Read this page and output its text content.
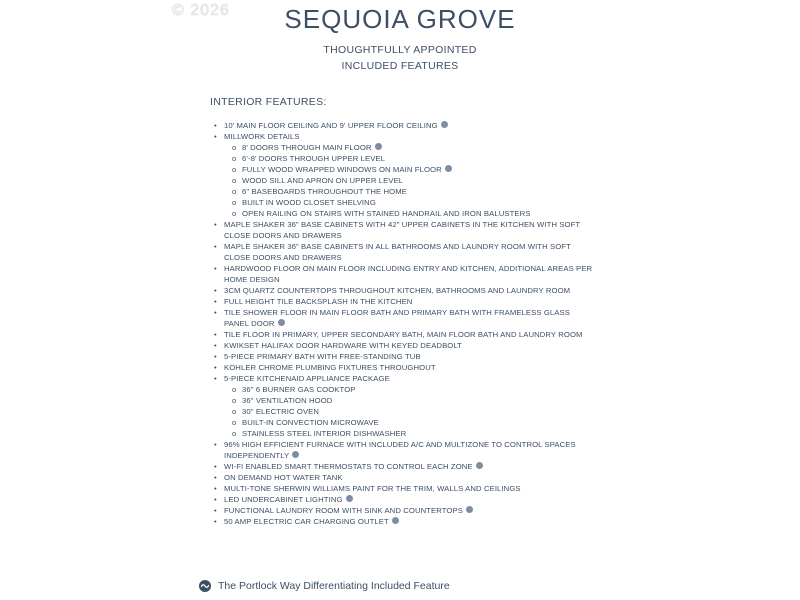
© 2026	SEQUOIA GROVE
THOUGHTFULLY APPOINTED
INCLUDED FEATURES
INTERIOR FEATURES:
• 10' MAIN FLOOR CEILING AND 9' UPPER FLOOR CEILING
• MILLWORK DETAILS
o 8' DOORS THROUGH MAIN FLOOR
o 6'-8' DOORS THROUGH UPPER LEVEL
o FULLY WOOD WRAPPED WINDOWS ON MAIN FLOOR
o WOOD SILL AND APRON ON UPPER LEVEL
o 6" BASEBOARDS THROUGHOUT THE HOME
o BUILT IN WOOD CLOSET SHELVING
o OPEN RAILING ON STAIRS WITH STAINED HANDRAIL AND IRON BALUSTERS
• MAPLE SHAKER 36" BASE CABINETS WITH 42" UPPER CABINETS IN THE KITCHEN WITH SOFT CLOSE DOORS AND DRAWERS
• MAPLE SHAKER 36" BASE CABINETS IN ALL BATHROOMS AND LAUNDRY ROOM WITH SOFT CLOSE DOORS AND DRAWERS
• HARDWOOD FLOOR ON MAIN FLOOR INCLUDING ENTRY AND KITCHEN, ADDITIONAL AREAS PER HOME DESIGN
• 3CM QUARTZ COUNTERTOPS THROUGHOUT KITCHEN, BATHROOMS AND LAUNDRY ROOM
• FULL HEIGHT TILE BACKSPLASH IN THE KITCHEN
• TILE SHOWER FLOOR IN MAIN FLOOR BATH AND PRIMARY BATH WITH FRAMELESS GLASS PANEL DOOR
• TILE FLOOR IN PRIMARY, UPPER SECONDARY BATH, MAIN FLOOR BATH AND LAUNDRY ROOM
• KWIKSET HALIFAX DOOR HARDWARE WITH KEYED DEADBOLT
• 5-PIECE PRIMARY BATH WITH FREE-STANDING TUB
• KOHLER CHROME PLUMBING FIXTURES THROUGHOUT
• 5-PIECE KITCHENAID APPLIANCE PACKAGE
o 36" 6 BURNER GAS COOKTOP
o 36" VENTILATION HOOD
o 30" ELECTRIC OVEN
o BUILT-IN CONVECTION MICROWAVE
o STAINLESS STEEL INTERIOR DISHWASHER
• 96% HIGH EFFICIENT FURNACE WITH INCLUDED A/C AND MULTIZONE TO CONTROL SPACES INDEPENDENTLY
• WI-FI ENABLED SMART THERMOSTATS TO CONTROL EACH ZONE
• ON DEMAND HOT WATER TANK
• MULTI-TONE SHERWIN WILLIAMS PAINT FOR THE TRIM, WALLS AND CEILINGS
• LED UNDERCABINET LIGHTING
• FUNCTIONAL LAUNDRY ROOM WITH SINK AND COUNTERTOPS
• 50 AMP ELECTRIC CAR CHARGING OUTLET
The Portlock Way Differentiating Included Feature
